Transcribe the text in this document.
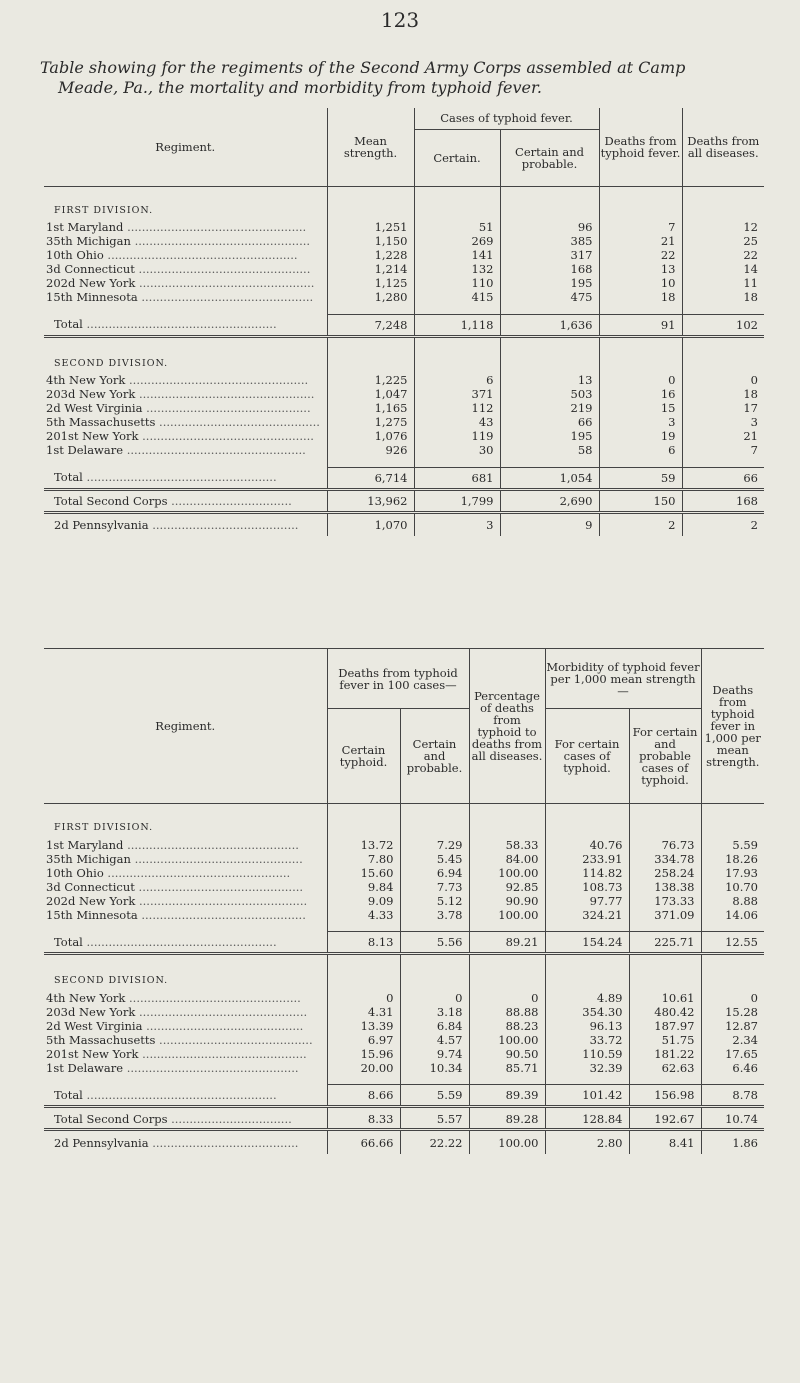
123
Table showing for the regiments of the Second Army Corps assembled at Camp
Meade, Pa., the mortality and morbidity from typhoid fever.
Regiment.	Mean strength.	Cases of typhoid fever.		Deaths from typhoid fever.	Deaths from all diseases.
		Certain.	Certain and probable.		
FIRST DIVISION.					
1st Maryland .................................................	1,251	51	96	7	12
35th Michigan ................................................	1,150	269	385	21	25
10th Ohio ....................................................	1,228	141	317	22	22
3d Connecticut ...............................................	1,214	132	168	13	14
202d New York ................................................	1,125	110	195	10	11
15th Minnesota ...............................................	1,280	415	475	18	18

Total ....................................................	7,248	1,118	1,636	91	102

SECOND DIVISION.					
4th New York .................................................	1,225	6	13	0	0
203d New York ................................................	1,047	371	503	16	18
2d West Virginia .............................................	1,165	112	219	15	17
5th Massachusetts ............................................	1,275	43	66	3	3
201st New York ...............................................	1,076	119	195	19	21
1st Delaware .................................................	926	30	58	6	7

Total ....................................................	6,714	681	1,054	59	66

Total Second Corps .................................	13,962	1,799	2,690	150	168

2d Pennsylvania ........................................	1,070	3	9	2	2
Regiment.	Deaths from typhoid fever in 100 cases—		Percentage of deaths from typhoid to deaths from all diseases.	Morbidity of typhoid fever per 1,000 mean strength—		Deaths from typhoid fever in 1,000 per mean strength.
	Certain typhoid.	Certain and probable.		For certain cases of typhoid.	For certain and probable cases of typhoid.	
FIRST DIVISION.						
1st Maryland ...............................................	13.72	7.29	58.33	40.76	76.73	5.59
35th Michigan ..............................................	7.80	5.45	84.00	233.91	334.78	18.26
10th Ohio ..................................................	15.60	6.94	100.00	114.82	258.24	17.93
3d Connecticut .............................................	9.84	7.73	92.85	108.73	138.38	10.70
202d New York ..............................................	9.09	5.12	90.90	97.77	173.33	8.88
15th Minnesota .............................................	4.33	3.78	100.00	324.21	371.09	14.06

Total ....................................................	8.13	5.56	89.21	154.24	225.71	12.55

SECOND DIVISION.						
4th New York ...............................................	0	0	0	4.89	10.61	0
203d New York ..............................................	4.31	3.18	88.88	354.30	480.42	15.28
2d West Virginia ...........................................	13.39	6.84	88.23	96.13	187.97	12.87
5th Massachusetts ..........................................	6.97	4.57	100.00	33.72	51.75	2.34
201st New York .............................................	15.96	9.74	90.50	110.59	181.22	17.65
1st Delaware ...............................................	20.00	10.34	85.71	32.39	62.63	6.46

Total ....................................................	8.66	5.59	89.39	101.42	156.98	8.78

Total Second Corps .................................	8.33	5.57	89.28	128.84	192.67	10.74

2d Pennsylvania ........................................	66.66	22.22	100.00	2.80	8.41	1.86
